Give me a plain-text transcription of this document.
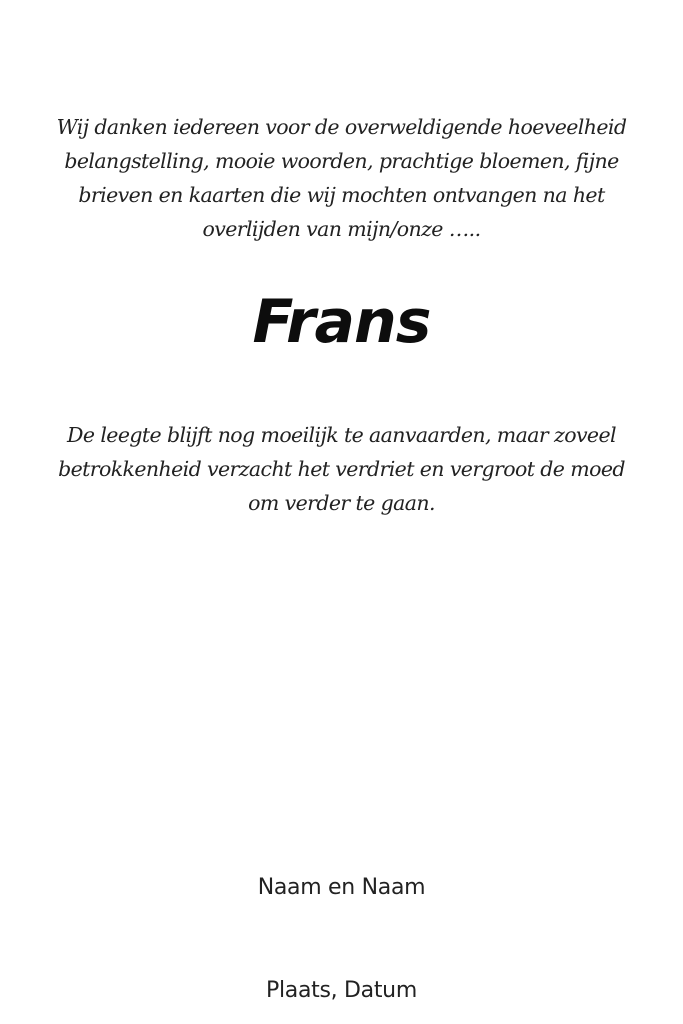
Wij danken iedereen voor de overweldigende hoeveelheid belangstelling, mooie woorden, prachtige bloemen, fijne brieven en kaarten die wij mochten ontvangen na het overlijden van mijn/onze …..

Frans

De leegte blijft nog moeilijk te aanvaarden, maar zoveel betrokkenheid verzacht het verdriet en vergroot de moed om verder te gaan.

Naam en Naam

Plaats, Datum
